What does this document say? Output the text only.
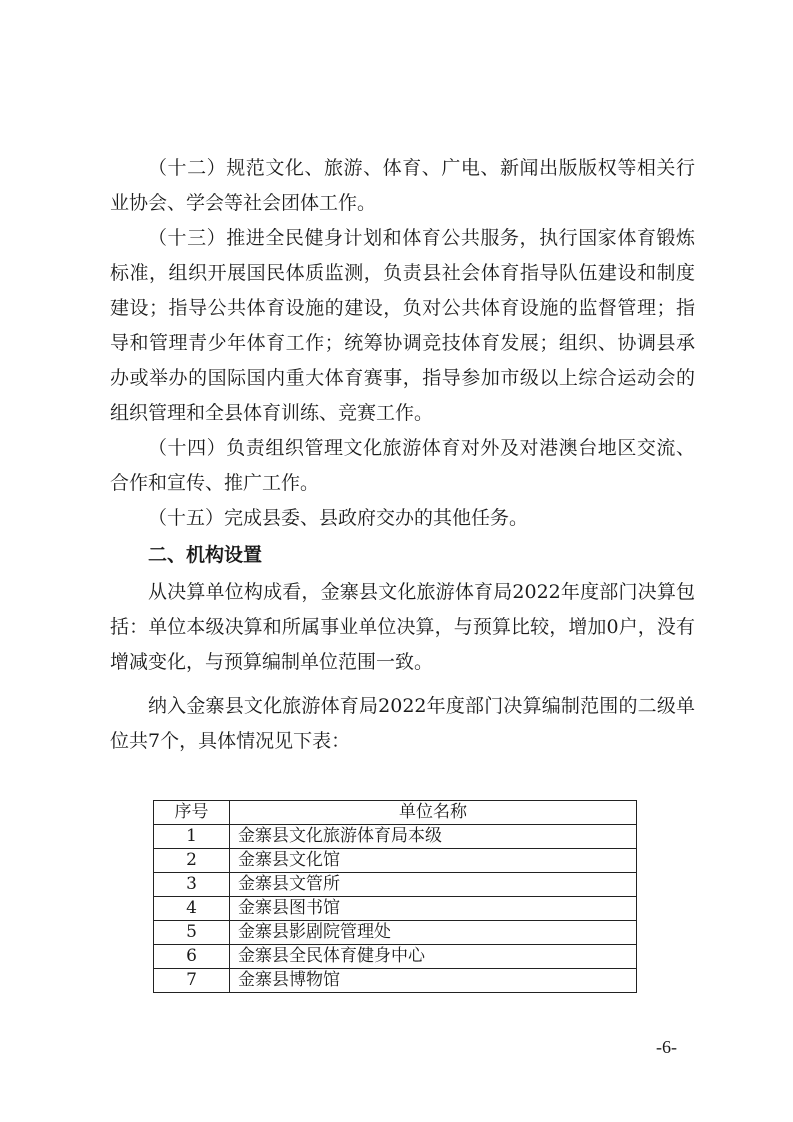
（十二）规范文化、旅游、体育、广电、新闻出版版权等相关行业协会、学会等社会团体工作。

（十三）推进全民健身计划和体育公共服务，执行国家体育锻炼标准，组织开展国民体质监测，负责县社会体育指导队伍建设和制度建设；指导公共体育设施的建设，负对公共体育设施的监督管理；指导和管理青少年体育工作；统筹协调竞技体育发展；组织、协调县承办或举办的国际国内重大体育赛事，指导参加市级以上综合运动会的组织管理和全县体育训练、竞赛工作。

（十四）负责组织管理文化旅游体育对外及对港澳台地区交流、合作和宣传、推广工作。

（十五）完成县委、县政府交办的其他任务。

二、机构设置

从决算单位构成看，金寨县文化旅游体育局2022年度部门决算包括：单位本级决算和所属事业单位决算，与预算比较，增加0户，没有增减变化，与预算编制单位范围一致。

纳入金寨县文化旅游体育局2022年度部门决算编制范围的二级单位共7个，具体情况见下表：

序号	单位名称
1	金寨县文化旅游体育局本级
2	金寨县文化馆
3	金寨县文管所
4	金寨县图书馆
5	金寨县影剧院管理处
6	金寨县全民体育健身中心
7	金寨县博物馆
-6-
